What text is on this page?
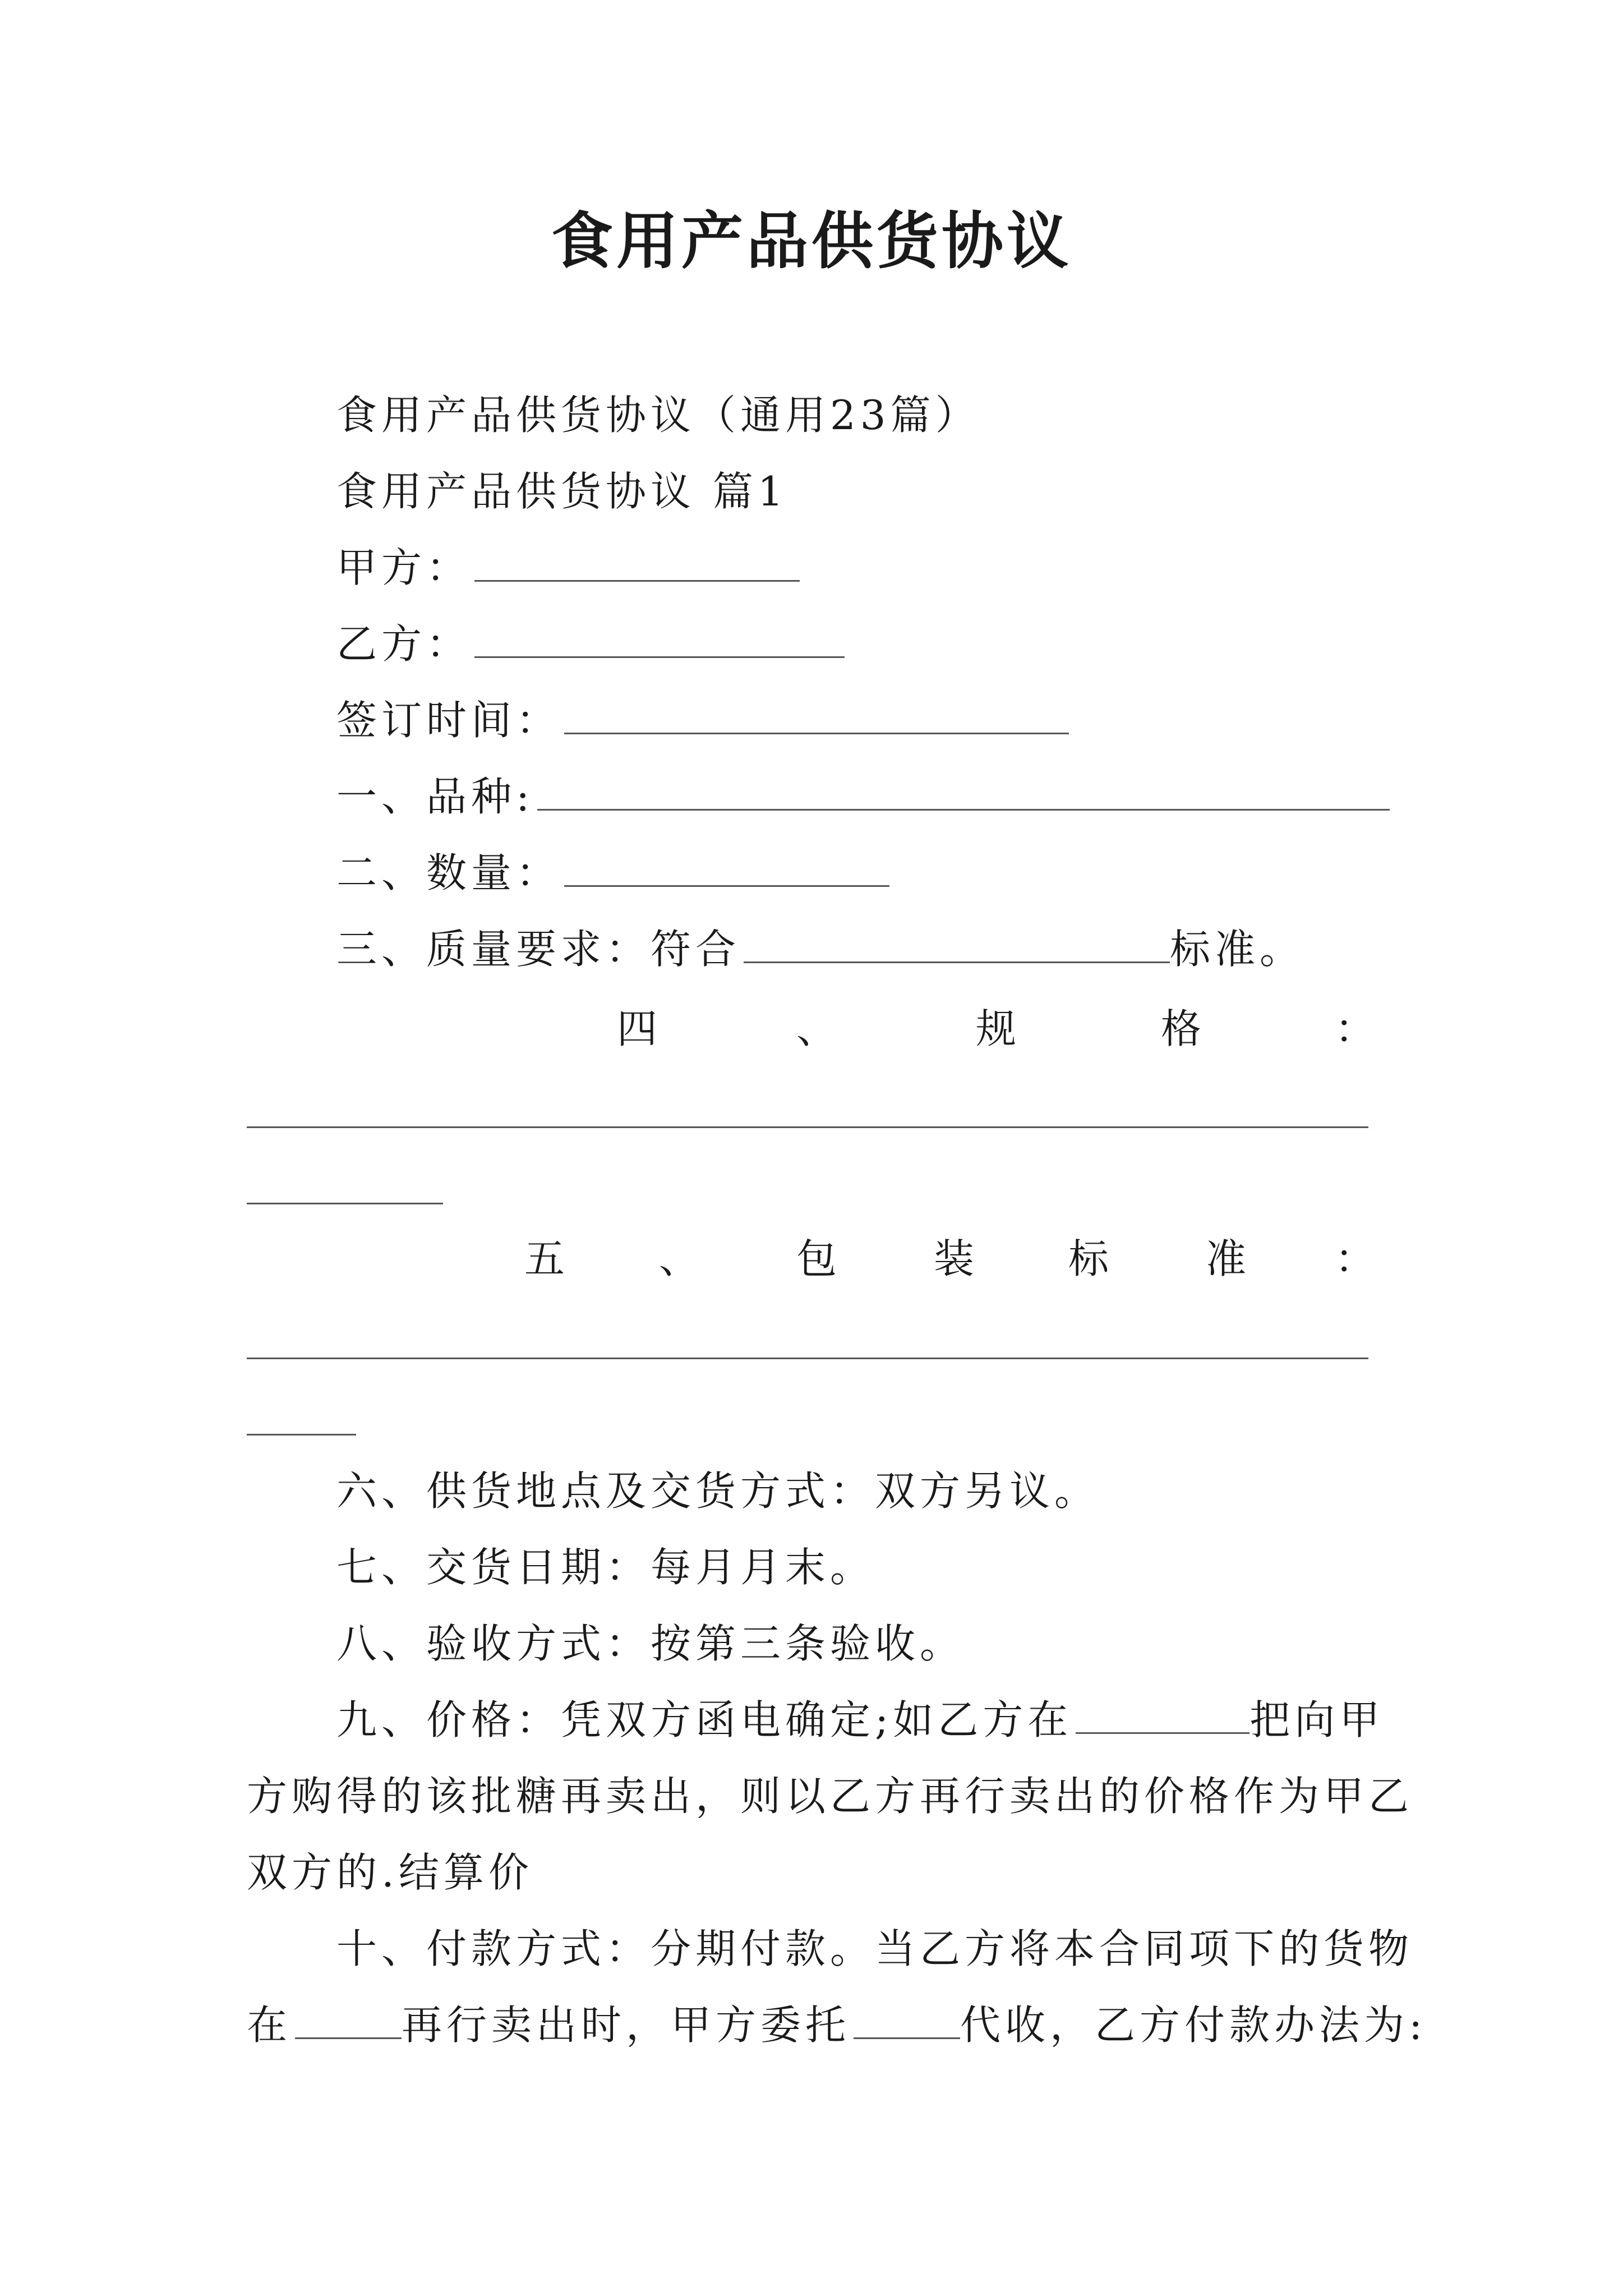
食用产品供货协议
食用产品供货协议（通用23篇）
食用产品供货协议 篇1
甲方：
乙方：
签订时间：
一、品种:
二、数量：
三、质量要求：符合	标准。
四	、	规	格	：
五 、 包 装 标 准 ：
六、供货地点及交货方式：双方另议。
七、交货日期：每月月末。
八、验收方式：按第三条验收。
九、价格：凭双方函电确定;如乙方在	把向甲
方购得的该批糖再卖出，则以乙方再行卖出的价格作为甲乙
双方的.结算价
十、付款方式：分期付款。当乙方将本合同项下的货物
在	再行卖出时，甲方委托	代收，乙方付款办法为:
